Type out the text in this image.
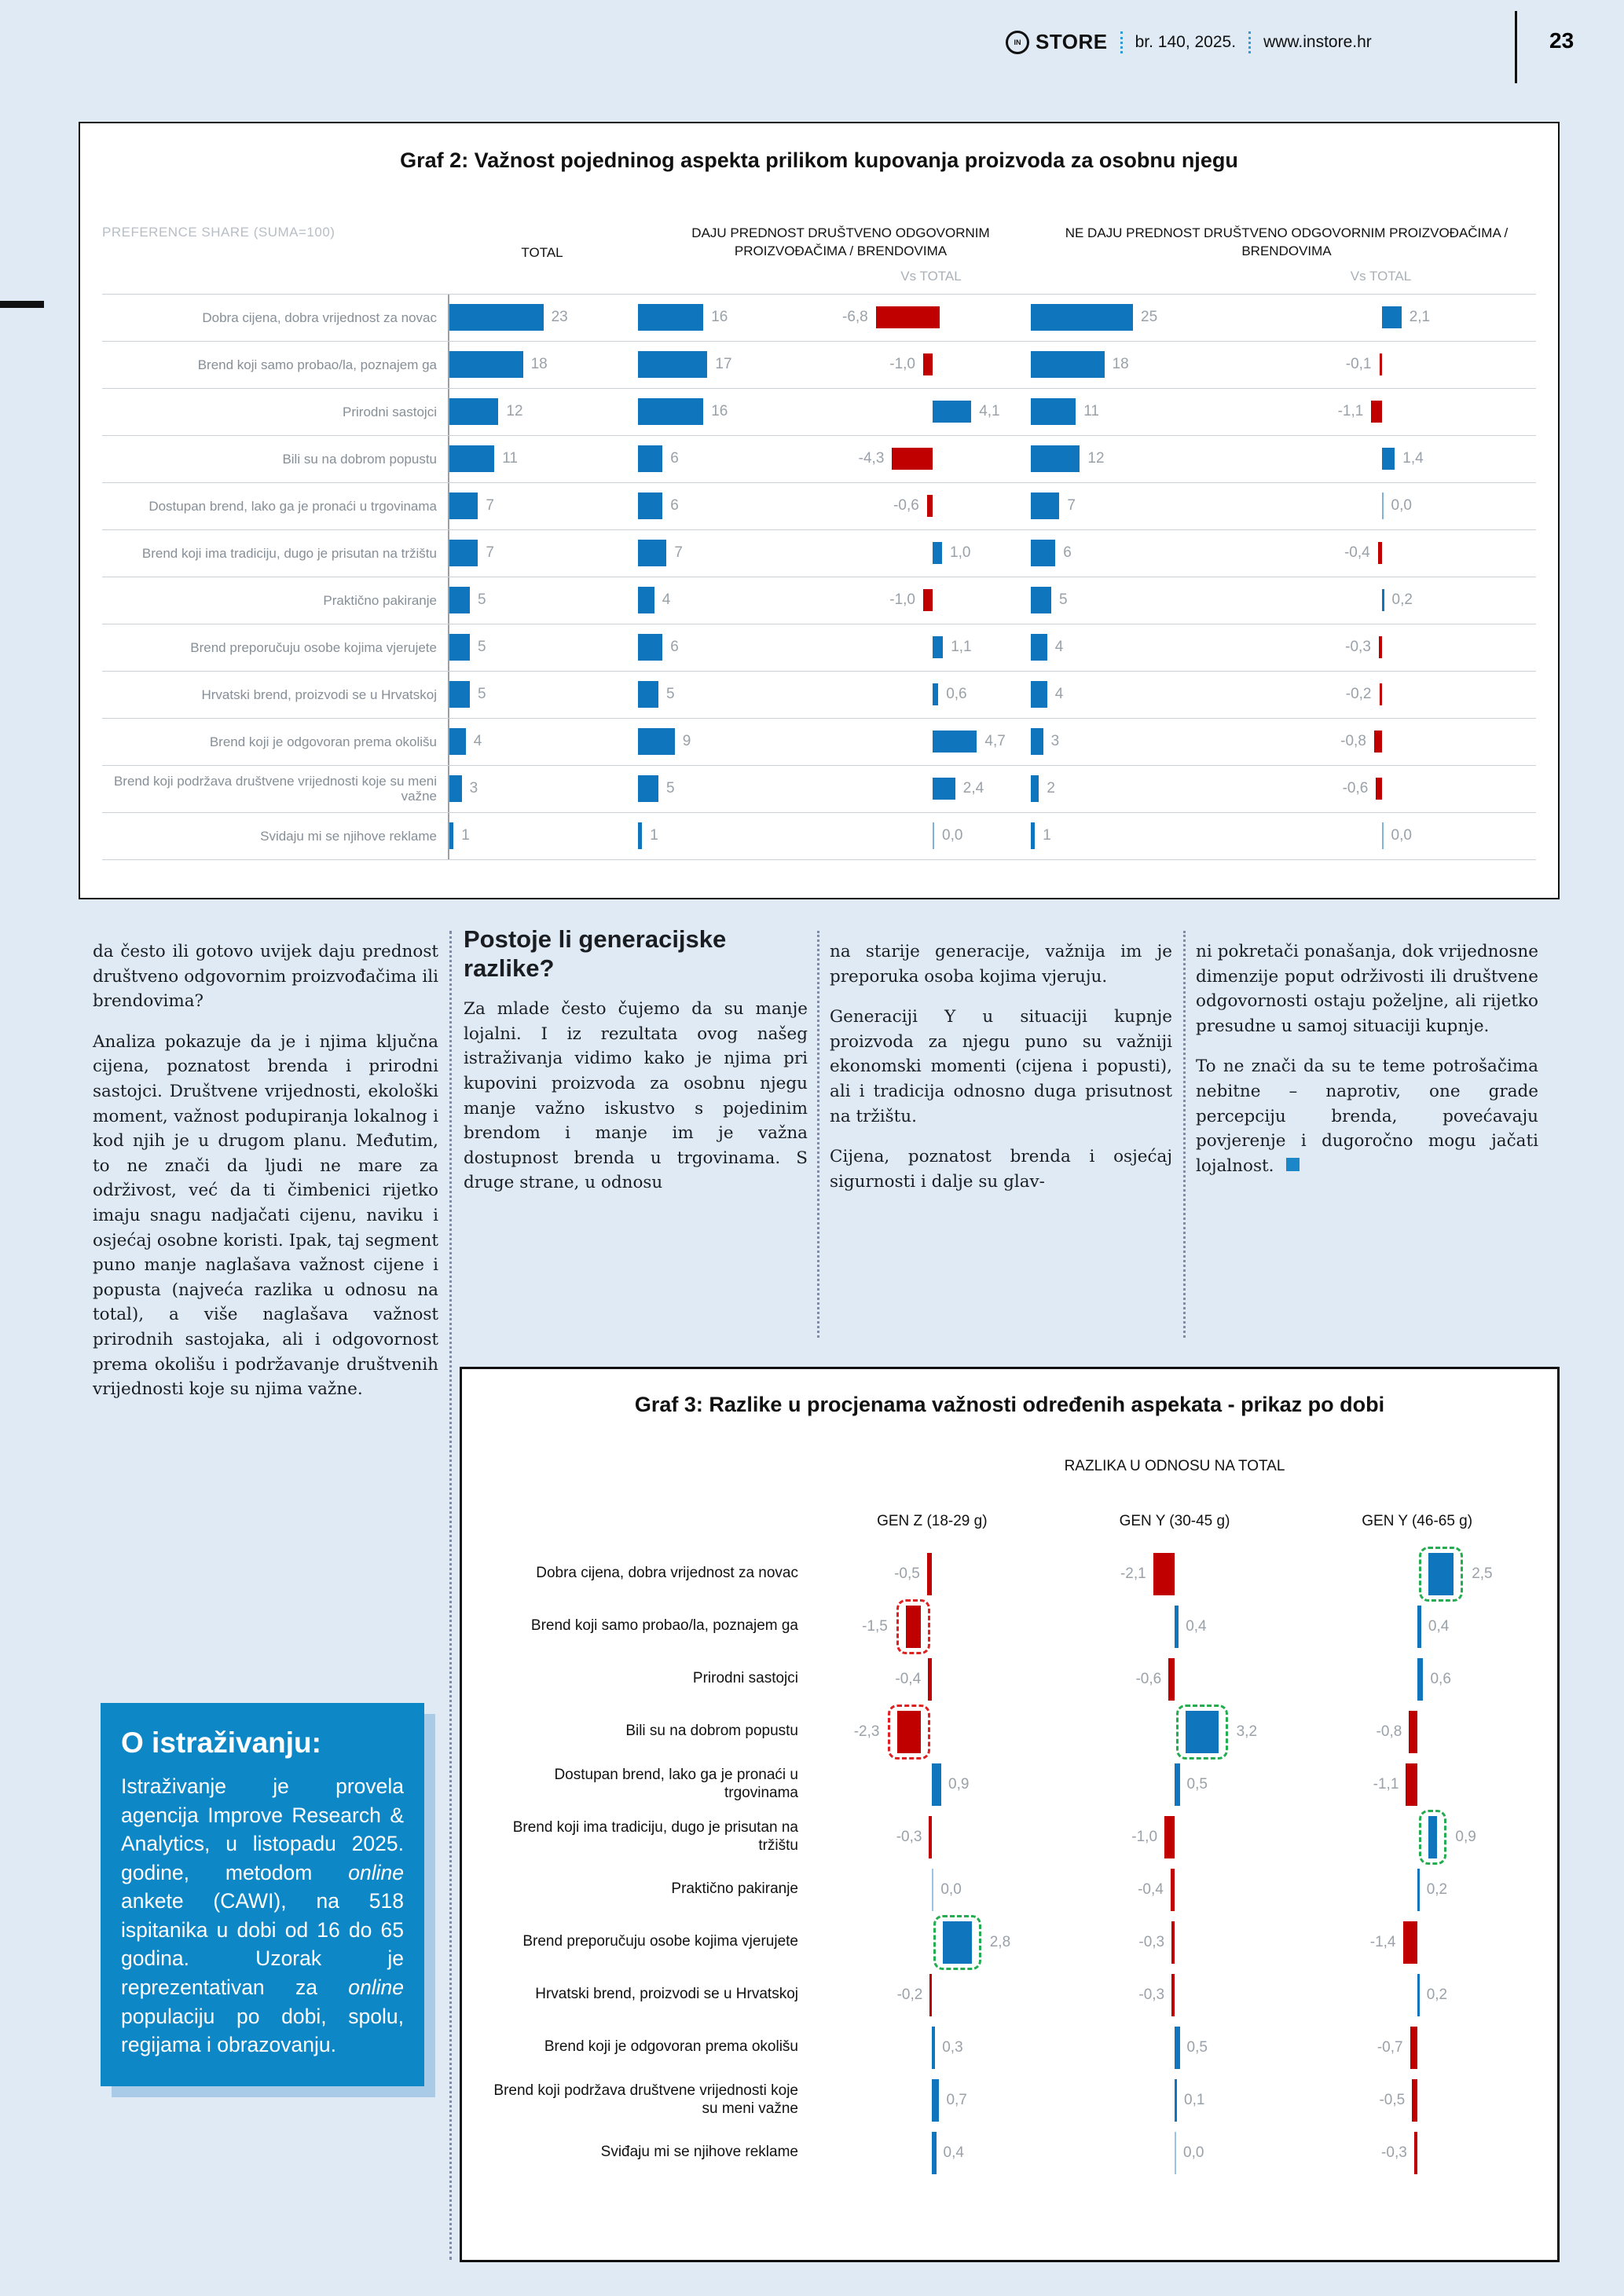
IN STORE br. 140, 2025. www.instore.hr	23
Graf 2: Važnost pojedninog aspekta prilikom kupovanja proizvoda za osobnu njegu
PREFERENCE SHARE (SUMA=100)
TOTAL
DAJU PREDNOST DRUŠTVENO ODGOVORNIM PROIZVOĐAČIMA / BRENDOVIMA
NE DAJU PREDNOST DRUŠTVENO ODGOVORNIM PROIZVOĐAČIMA / BRENDOVIMA
Vs TOTAL	Vs TOTAL
Dobra cijena, dobra vrijednost za novac	23	16	-6,8	25	2,1
Brend koji samo probao/la, poznajem ga	18	17	-1,0	18	-0,1
Prirodni sastojci	12	16	4,1	11	-1,1
Bili su na dobrom popustu	11	6	-4,3	12	1,4
Dostupan brend, lako ga je pronaći u trgovinama	7	6	-0,6	7	0,0
Brend koji ima tradiciju, dugo je prisutan na tržištu	7	7	1,0	6	-0,4
Praktično pakiranje	5	4	-1,0	5	0,2
Brend preporučuju osobe kojima vjerujete	5	6	1,1	4	-0,3
Hrvatski brend, proizvodi se u Hrvatskoj	5	5	0,6	4	-0,2
Brend koji je odgovoran prema okolišu	4	9	4,7	3	-0,8
Brend koji podržava društvene vrijednosti koje su meni važne	3	5	2,4	2	-0,6
Svidaju mi se njihove reklame	1	1	0,0	1	0,0

da često ili gotovo uvijek daju prednost društveno odgovornim proizvođačima ili brendovima?

Analiza pokazuje da je i njima ključna cijena, poznatost brenda i prirodni sastojci. Društvene vrijednosti, ekološki moment, važnost podupiranja lokalnog i kod njih je u drugom planu. Međutim, to ne znači da ljudi ne mare za održivost, već da ti čimbenici rijetko imaju snagu nadjačati cijenu, naviku i osjećaj osobne koristi. Ipak, taj segment puno manje naglašava važnost cijene i popusta (najveća razlika u odnosu na total), a više naglašava važnost prirodnih sastojaka, ali i odgovornost prema okolišu i podržavanje društvenih vrijednosti koje su njima važne.

Postoje li generacijske razlike?

Za mlade često čujemo da su manje lojalni. I iz rezultata ovog našeg istraživanja vidimo kako je njima pri kupovini proizvoda za osobnu njegu manje važno iskustvo s pojedinim brendom i manje im je važna dostupnost brenda u trgovinama. S druge strane, u odnosu

na starije generacije, važnija im je preporuka osoba kojima vjeruju.

Generaciji Y u situaciji kupnje proizvoda za njegu puno su važniji ekonomski momenti (cijena i popusti), ali i tradicija odnosno duga prisutnost na tržištu.

Cijena, poznatost brenda i osjećaj sigurnosti i dalje su glav-

ni pokretači ponašanja, dok vrijednosne dimenzije poput održivosti ili društvene odgovornosti ostaju poželjne, ali rijetko presudne u samoj situaciji kupnje.

To ne znači da su te teme potrošačima nebitne – naprotiv, one grade percepciju brenda, povećavaju povjerenje i dugoročno mogu jačati lojalnost.

O istraživanju:
Istraživanje je provela agencija Improve Research & Analytics, u listopadu 2025. godine, metodom online ankete (CAWI), na 518 ispitanika u dobi od 16 do 65 godina. Uzorak je reprezentativan za online populaciju po dobi, spolu, regijama i obrazovanju.
Graf 3: Razlike u procjenama važnosti određenih aspekata - prikaz po dobi
RAZLIKA U ODNOSU NA TOTAL
GEN Z (18-29 g)	GEN Y (30-45 g)	GEN Y (46-65 g)
Dobra cijena, dobra vrijednost za novac	-0,5	-2,1	2,5
Brend koji samo probao/la, poznajem ga	-1,5	0,4	0,4
Prirodni sastojci	-0,4	-0,6	0,6
Bili su na dobrom popustu	-2,3	3,2	-0,8
Dostupan brend, lako ga je pronaći u trgovinama
0,9	0,5	-1,1
Brend koji ima tradiciju, dugo je prisutan na tržištu
-0,3	-1,0	0,9
Praktično pakiranje	0,0	-0,4	0,2
Brend preporučuju osobe kojima vjerujete	2,8	-0,3	-1,4
Hrvatski brend, proizvodi se u Hrvatskoj	-0,2	-0,3	0,2
Brend koji je odgovoran prema okolišu	0,3	0,5	-0,7
Brend koji podržava društvene vrijednosti koje su meni važne
0,7	0,1	-0,5
Sviđaju mi se njihove reklame	0,4	0,0	-0,3
